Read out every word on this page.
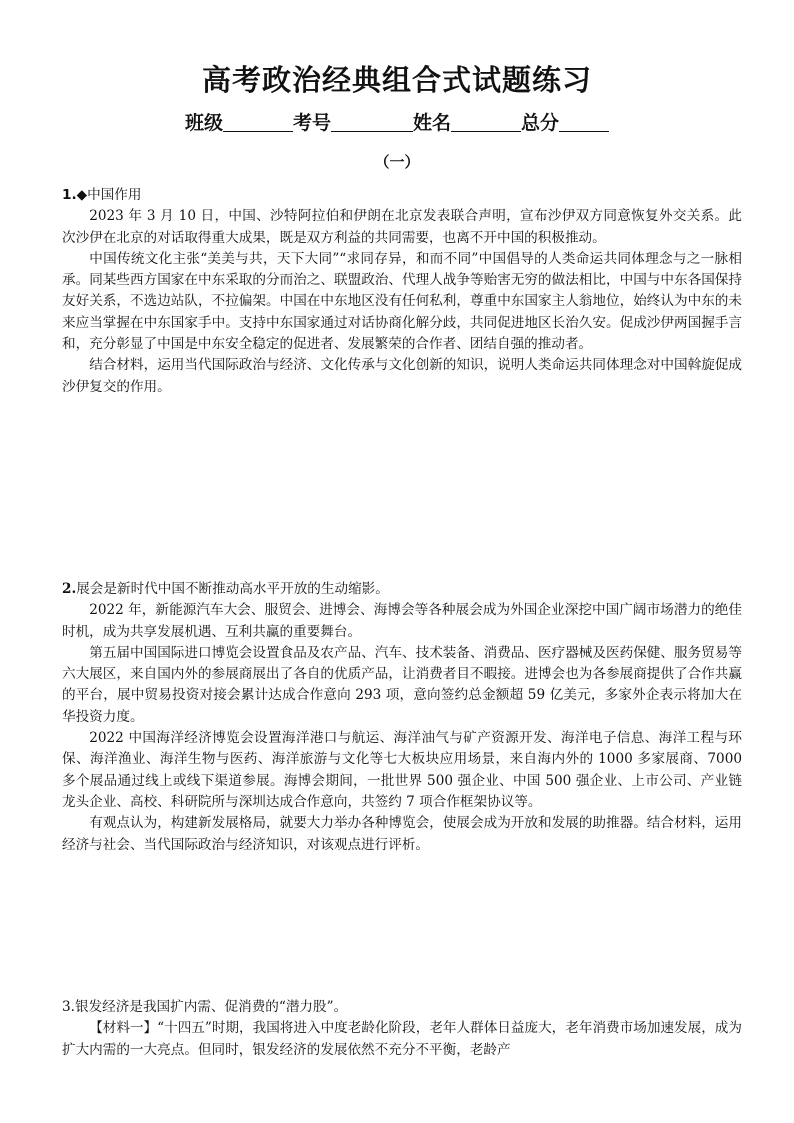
高考政治经典组合式试题练习
班级	考号	姓名	总分
（一）

1.◆中国作用

2023 年 3 月 10 日，中国、沙特阿拉伯和伊朗在北京发表联合声明，宣布沙伊双方同意恢复外交关系。此次沙伊在北京的对话取得重大成果，既是双方利益的共同需要，也离不开中国的积极推动。

中国传统文化主张“美美与共，天下大同”“求同存异，和而不同”中国倡导的人类命运共同体理念与之一脉相承。同某些西方国家在中东采取的分而治之、联盟政治、代理人战争等贻害无穷的做法相比，中国与中东各国保持友好关系，不选边站队，不拉偏架。中国在中东地区没有任何私利，尊重中东国家主人翁地位，始终认为中东的未来应当掌握在中东国家手中。支持中东国家通过对话协商化解分歧，共同促进地区长治久安。促成沙伊两国握手言和，充分彰显了中国是中东安全稳定的促进者、发展繁荣的合作者、团结自强的推动者。

结合材料，运用当代国际政治与经济、文化传承与文化创新的知识，说明人类命运共同体理念对中国斡旋促成沙伊复交的作用。

2.展会是新时代中国不断推动高水平开放的生动缩影。

2022 年，新能源汽车大会、服贸会、进博会、海博会等各种展会成为外国企业深挖中国广阔市场潜力的绝佳时机，成为共享发展机遇、互利共赢的重要舞台。

第五届中国国际进口博览会设置食品及农产品、汽车、技术装备、消费品、医疗器械及医药保健、服务贸易等六大展区，来自国内外的参展商展出了各自的优质产品，让消费者目不暇接。进博会也为各参展商提供了合作共赢的平台，展中贸易投资对接会累计达成合作意向 293 项，意向签约总金额超 59 亿美元，多家外企表示将加大在华投资力度。

2022 中国海洋经济博览会设置海洋港口与航运、海洋油气与矿产资源开发、海洋电子信息、海洋工程与环保、海洋渔业、海洋生物与医药、海洋旅游与文化等七大板块应用场景，来自海内外的 1000 多家展商、7000 多个展品通过线上或线下渠道参展。海博会期间，一批世界 500 强企业、中国 500 强企业、上市公司、产业链龙头企业、高校、科研院所与深圳达成合作意向，共签约 7 项合作框架协议等。

有观点认为，构建新发展格局，就要大力举办各种博览会，使展会成为开放和发展的助推器。结合材料，运用经济与社会、当代国际政治与经济知识，对该观点进行评析。

3.银发经济是我国扩内需、促消费的“潜力股”。

【材料一】“十四五”时期，我国将进入中度老龄化阶段，老年人群体日益庞大，老年消费市场加速发展，成为扩大内需的一大亮点。但同时，银发经济的发展依然不充分不平衡，老龄产
